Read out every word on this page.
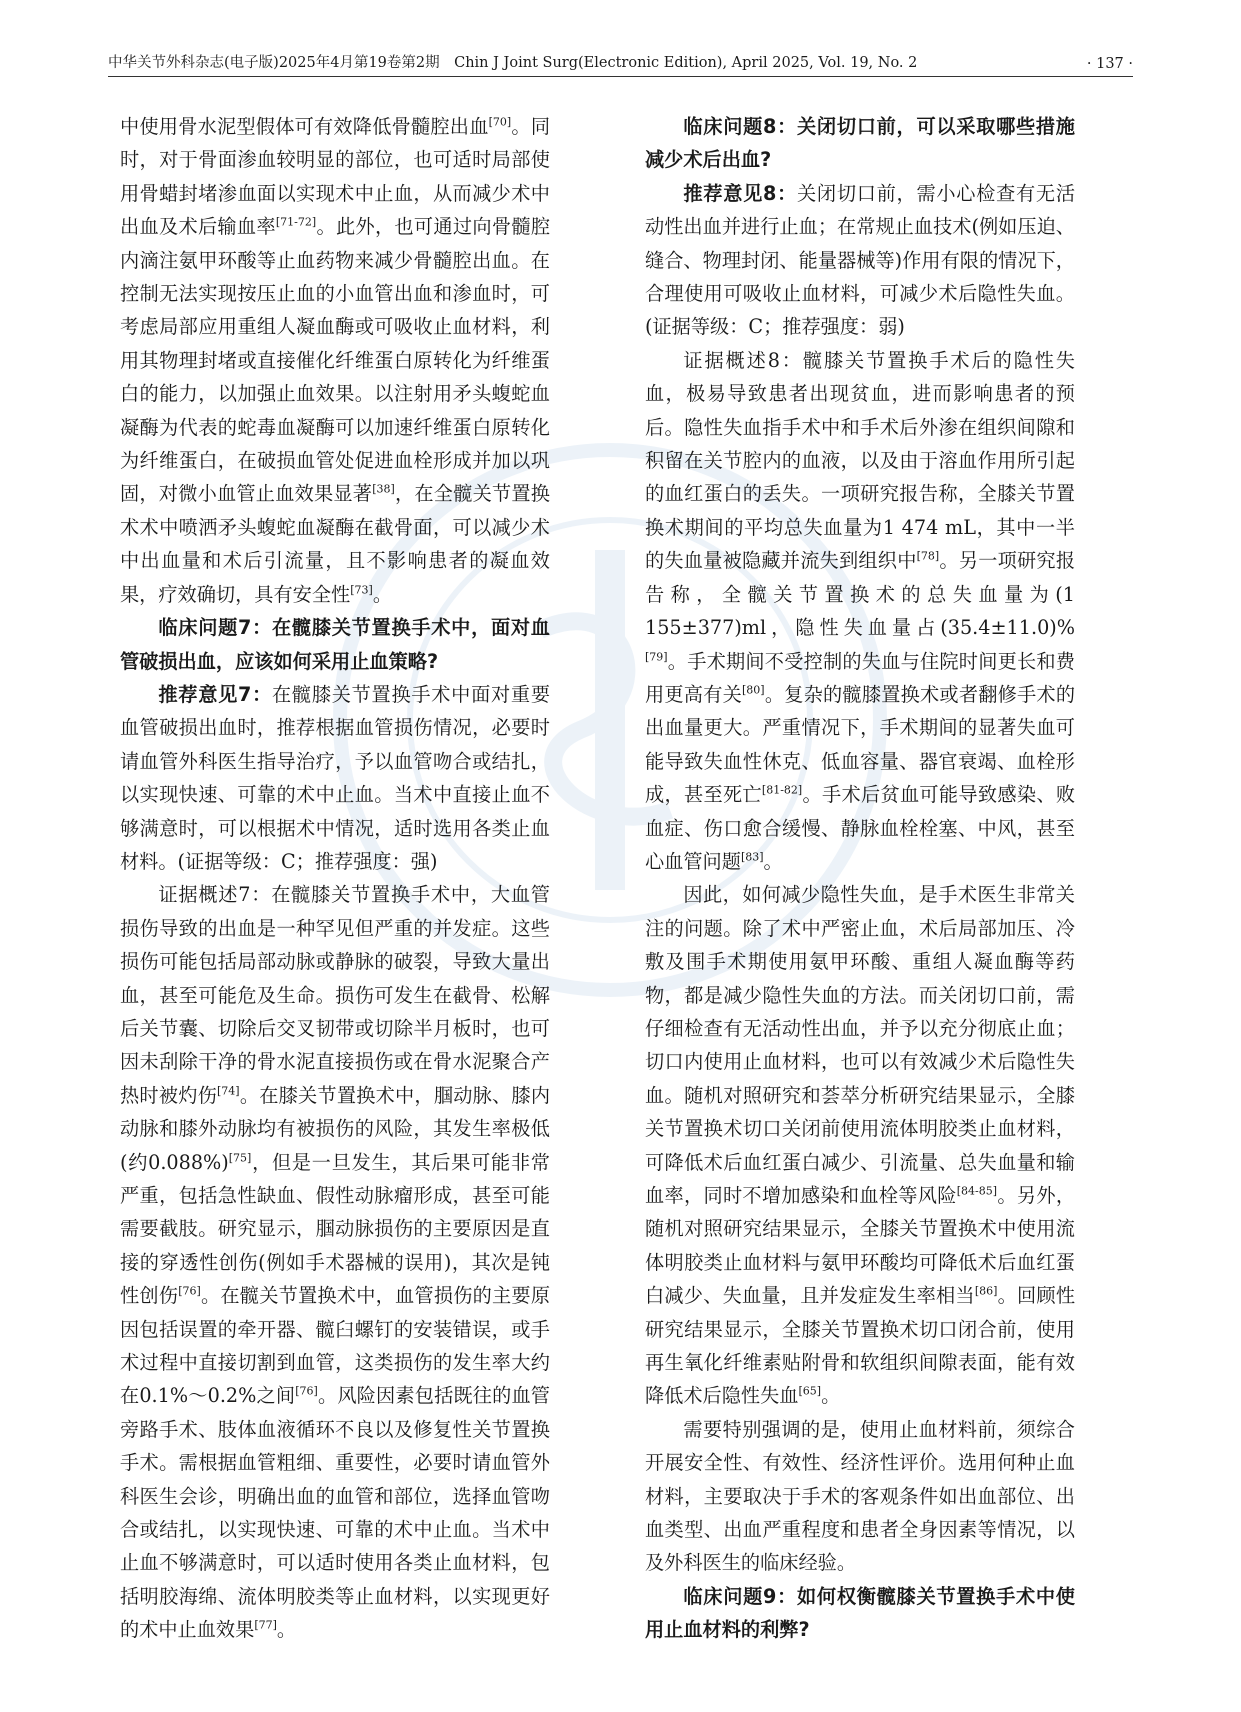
中华关节外科杂志(电子版)2025年4月第19卷第2期　Chin J Joint Surg(Electronic Edition), April 2025, Vol. 19, No. 2	· 137 ·

中使用骨水泥型假体可有效降低骨髓腔出血[70]。同时，对于骨面渗血较明显的部位，也可适时局部使用骨蜡封堵渗血面以实现术中止血，从而减少术中出血及术后输血率[71-72]。此外，也可通过向骨髓腔内滴注氨甲环酸等止血药物来减少骨髓腔出血。在控制无法实现按压止血的小血管出血和渗血时，可考虑局部应用重组人凝血酶或可吸收止血材料，利用其物理封堵或直接催化纤维蛋白原转化为纤维蛋白的能力，以加强止血效果。以注射用矛头蝮蛇血凝酶为代表的蛇毒血凝酶可以加速纤维蛋白原转化为纤维蛋白，在破损血管处促进血栓形成并加以巩固，对微小血管止血效果显著[38]，在全髋关节置换术术中喷洒矛头蝮蛇血凝酶在截骨面，可以减少术中出血量和术后引流量，且不影响患者的凝血效果，疗效确切，具有安全性[73]。

临床问题7：在髋膝关节置换手术中，面对血管破损出血，应该如何采用止血策略?

推荐意见7：在髋膝关节置换手术中面对重要血管破损出血时，推荐根据血管损伤情况，必要时请血管外科医生指导治疗，予以血管吻合或结扎，以实现快速、可靠的术中止血。当术中直接止血不够满意时，可以根据术中情况，适时选用各类止血材料。(证据等级：C；推荐强度：强)

证据概述7：在髋膝关节置换手术中，大血管损伤导致的出血是一种罕见但严重的并发症。这些损伤可能包括局部动脉或静脉的破裂，导致大量出血，甚至可能危及生命。损伤可发生在截骨、松解后关节囊、切除后交叉韧带或切除半月板时，也可因未刮除干净的骨水泥直接损伤或在骨水泥聚合产热时被灼伤[74]。在膝关节置换术中，腘动脉、膝内动脉和膝外动脉均有被损伤的风险，其发生率极低(约0.088%)[75]，但是一旦发生，其后果可能非常严重，包括急性缺血、假性动脉瘤形成，甚至可能需要截肢。研究显示，腘动脉损伤的主要原因是直接的穿透性创伤(例如手术器械的误用)，其次是钝性创伤[76]。在髋关节置换术中，血管损伤的主要原因包括误置的牵开器、髋臼螺钉的安装错误，或手术过程中直接切割到血管，这类损伤的发生率大约在0.1%～0.2%之间[76]。风险因素包括既往的血管旁路手术、肢体血液循环不良以及修复性关节置换手术。需根据血管粗细、重要性，必要时请血管外科医生会诊，明确出血的血管和部位，选择血管吻合或结扎，以实现快速、可靠的术中止血。当术中止血不够满意时，可以适时使用各类止血材料，包括明胶海绵、流体明胶类等止血材料，以实现更好的术中止血效果[77]。

临床问题8：关闭切口前，可以采取哪些措施减少术后出血?

推荐意见8：关闭切口前，需小心检查有无活动性出血并进行止血；在常规止血技术(例如压迫、缝合、物理封闭、能量器械等)作用有限的情况下，合理使用可吸收止血材料，可减少术后隐性失血。(证据等级：C；推荐强度：弱)

证据概述8：髋膝关节置换手术后的隐性失血，极易导致患者出现贫血，进而影响患者的预后。隐性失血指手术中和手术后外渗在组织间隙和积留在关节腔内的血液，以及由于溶血作用所引起的血红蛋白的丢失。一项研究报告称，全膝关节置换术期间的平均总失血量为1 474 mL，其中一半的失血量被隐藏并流失到组织中[78]。另一项研究报告称，全髋关节置换术的总失血量为(1 155±377)ml，隐性失血量占(35.4±11.0)%[79]。手术期间不受控制的失血与住院时间更长和费用更高有关[80]。复杂的髋膝置换术或者翻修手术的出血量更大。严重情况下，手术期间的显著失血可能导致失血性休克、低血容量、器官衰竭、血栓形成，甚至死亡[81-82]。手术后贫血可能导致感染、败血症、伤口愈合缓慢、静脉血栓栓塞、中风，甚至心血管问题[83]。

因此，如何减少隐性失血，是手术医生非常关注的问题。除了术中严密止血，术后局部加压、冷敷及围手术期使用氨甲环酸、重组人凝血酶等药物，都是减少隐性失血的方法。而关闭切口前，需仔细检查有无活动性出血，并予以充分彻底止血；切口内使用止血材料，也可以有效减少术后隐性失血。随机对照研究和荟萃分析研究结果显示，全膝关节置换术切口关闭前使用流体明胶类止血材料，可降低术后血红蛋白减少、引流量、总失血量和输血率，同时不增加感染和血栓等风险[84-85]。另外，随机对照研究结果显示，全膝关节置换术中使用流体明胶类止血材料与氨甲环酸均可降低术后血红蛋白减少、失血量，且并发症发生率相当[86]。回顾性研究结果显示，全膝关节置换术切口闭合前，使用再生氧化纤维素贴附骨和软组织间隙表面，能有效降低术后隐性失血[65]。

需要特别强调的是，使用止血材料前，须综合开展安全性、有效性、经济性评价。选用何种止血材料，主要取决于手术的客观条件如出血部位、出血类型、出血严重程度和患者全身因素等情况，以及外科医生的临床经验。

临床问题9：如何权衡髋膝关节置换手术中使用止血材料的利弊?
